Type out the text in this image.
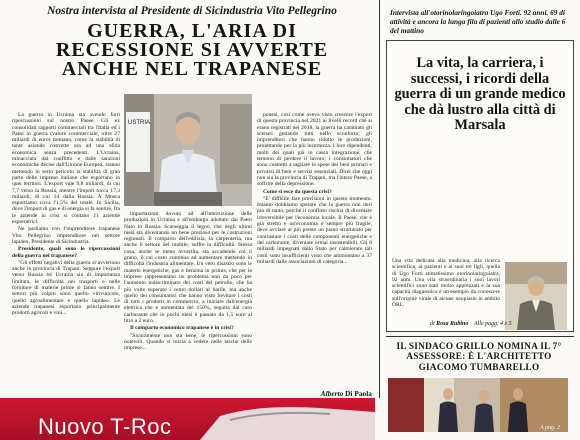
Nostra intervista al Presidente di Sicindustria Vito Pellegrino
GUERRA, L'ARIA DI
RECESSIONE SI AVVERTE
ANCHE NEL TRAPANESE

La guerra in Ucraina sta avendo forti ripercussioni sul nostro Paese. Gli ex consolidati rapporti commerciali tra l'Italia ed i Paesi in guerra (valore commerciale, oltre 27 miliardi di euro) tremano, come la stabilità di tante aziende costrette ora ad una sfida economica senza precedenti. L'Ucraina, minacciata dal conflitto e dalle sanzioni economiche decise dall'Unione Europea, stanno mettendo in serio pericolo la stabilità di gran parte delle imprese italiane che esportano in quei territori. L'export vale 9,8 miliardi, di cui 7,7 verso la Russia, mentre l'import tocca 17,3 miliardi, di cui 14 dalla Russia. A Mosca esportiamo circa l'1,5% del totale. In Sicilia, dove l'import di gas e di energia si fa sentire, fra le aziende in crisi si contano 11 aziende esportatrici.

Ne parliamo con l'imprenditore trapanese Vito Pellegrino imprenditore nel settore lapideo, Presidente di Sicindustria.

Presidente, quali sono le ripercussioni della guerra nel trapanese?

"Gli effetti negativi della guerra si avvertono anche in provincia di Trapani. Seppure l'export verso Russia ed Ucraina sia di importanza limitata, le difficoltà nei trasporti e nelle forniture di materie prime si fanno sentire. I settori più colpiti sono quello vitivinicolo, quello agroalimentare e quello lapideo. Le aziende trapanesi esportano principalmente prodotti agricoli e vini...

USTRIA

importazioni dovuto ad all'interruzione delle produzioni in Ucraina e all'embargo adottato dai Paesi Nato in Russia. Scarseggia il legno, che negli ultimi mesi sta diventando un bene prezioso per le costruzioni regionali. Il comparto dell'edilizia, la carpenteria, ma anche il settore del mobile, soffre la difficoltà. Stessa cosa, anche se meno avvertita, sta accadendo coi il grano, il cui costo continua ad aumentare mettendo in difficoltà l'industria alimentare. Un vero disastro sono le materie energetiche, gas e benzina in primis, che per le imprese rappresentano un problema non da poco per l'aumento indiscriminato dei costi del petrolio, che ha più volte superato i cento dollari al barile, ma anche quello dei consumatori che hanno visto lievitare i costi di tutti i prodotti in commercio, a iniziare dall'energia elettrica che è aumentata del 150%, seguita dal caro carburante che in pochi mesi è passato da 1,5 euro al litro a 2 euro.

Il comparto economico trapanese è in crisi?

"Sicuramente non sta bene, le ripercussioni sono notevoli. Quando si inizia a vedere nelle tasche delle imprese...

ponesi, così come aveva visto crescere l'export di questa provincia nel 2021 ai livelli record che si erano registrati nel 2018, la guerra ha cambiato gli scenari gettando tutti nello sconforto; gli imprenditori che hanno ridotto le produzioni, proiettando per la più incertezza. I loro dipendenti, molti dei quali già in cassa integrazione, che temono di perdere il lavoro; i consumatori che sono costretti a tagliare le spese dei beni primari e privarsi di beni e servizi essenziali. Direi che oggi non sia la provincia di Trapani, ma l'intero Paese, a soffrire della depressione.

Come si esce da questa crisi?

"E' difficile fare previsioni in questo momento. Intanto dobbiamo sperare che la guerra non duri più di tanto, perché il conflitto rischia di diventare irreversibile per l'economia locale. Il Paese, che è già stretto e un'economia è sempre più fragile, deve avviare al più presto un piano strutturato per contrastare i costi delle componenti energetiche e del carburante, diventate ormai insostenibili. Gli 8 miliardi impegnati dallo Stato per calmierare tali costi sono insufficienti visto che ammontano a 37 miliardi dalle associazioni di categoria...

Alberto Di Paola
Intervista all'otorinolaringoiatra Ugo Forti. 92 anni. 69 di attività e ancora la lunga fila di pazienti allo studio dalle 6 del mattino
La vita, la carriera, i successi, i ricordi della guerra di un grande medico che dà lustro alla città di Marsala
Una vita dedicata alla medicina, alla ricerca scientifica, ai pazienti e ai suoi tre figli, quella di Ugo Forti stimatissimo otorinolaringoiatra, 92 anni. Una vita straordinaria i suoi lavori scientifici sono stati molto apprezzati e la sua capacità diagnostica è un esempio da conoscere sull'origine virale di alcune neoplasie in ambito ORL.
di Rosa Rubino Alle pagg. 4 e 5
IL SINDACO GRILLO NOMINA IL 7° ASSESSORE: È L'ARCHITETTO GIACOMO TUMBARELLO
A pag. 2
Nuovo T-Roc
